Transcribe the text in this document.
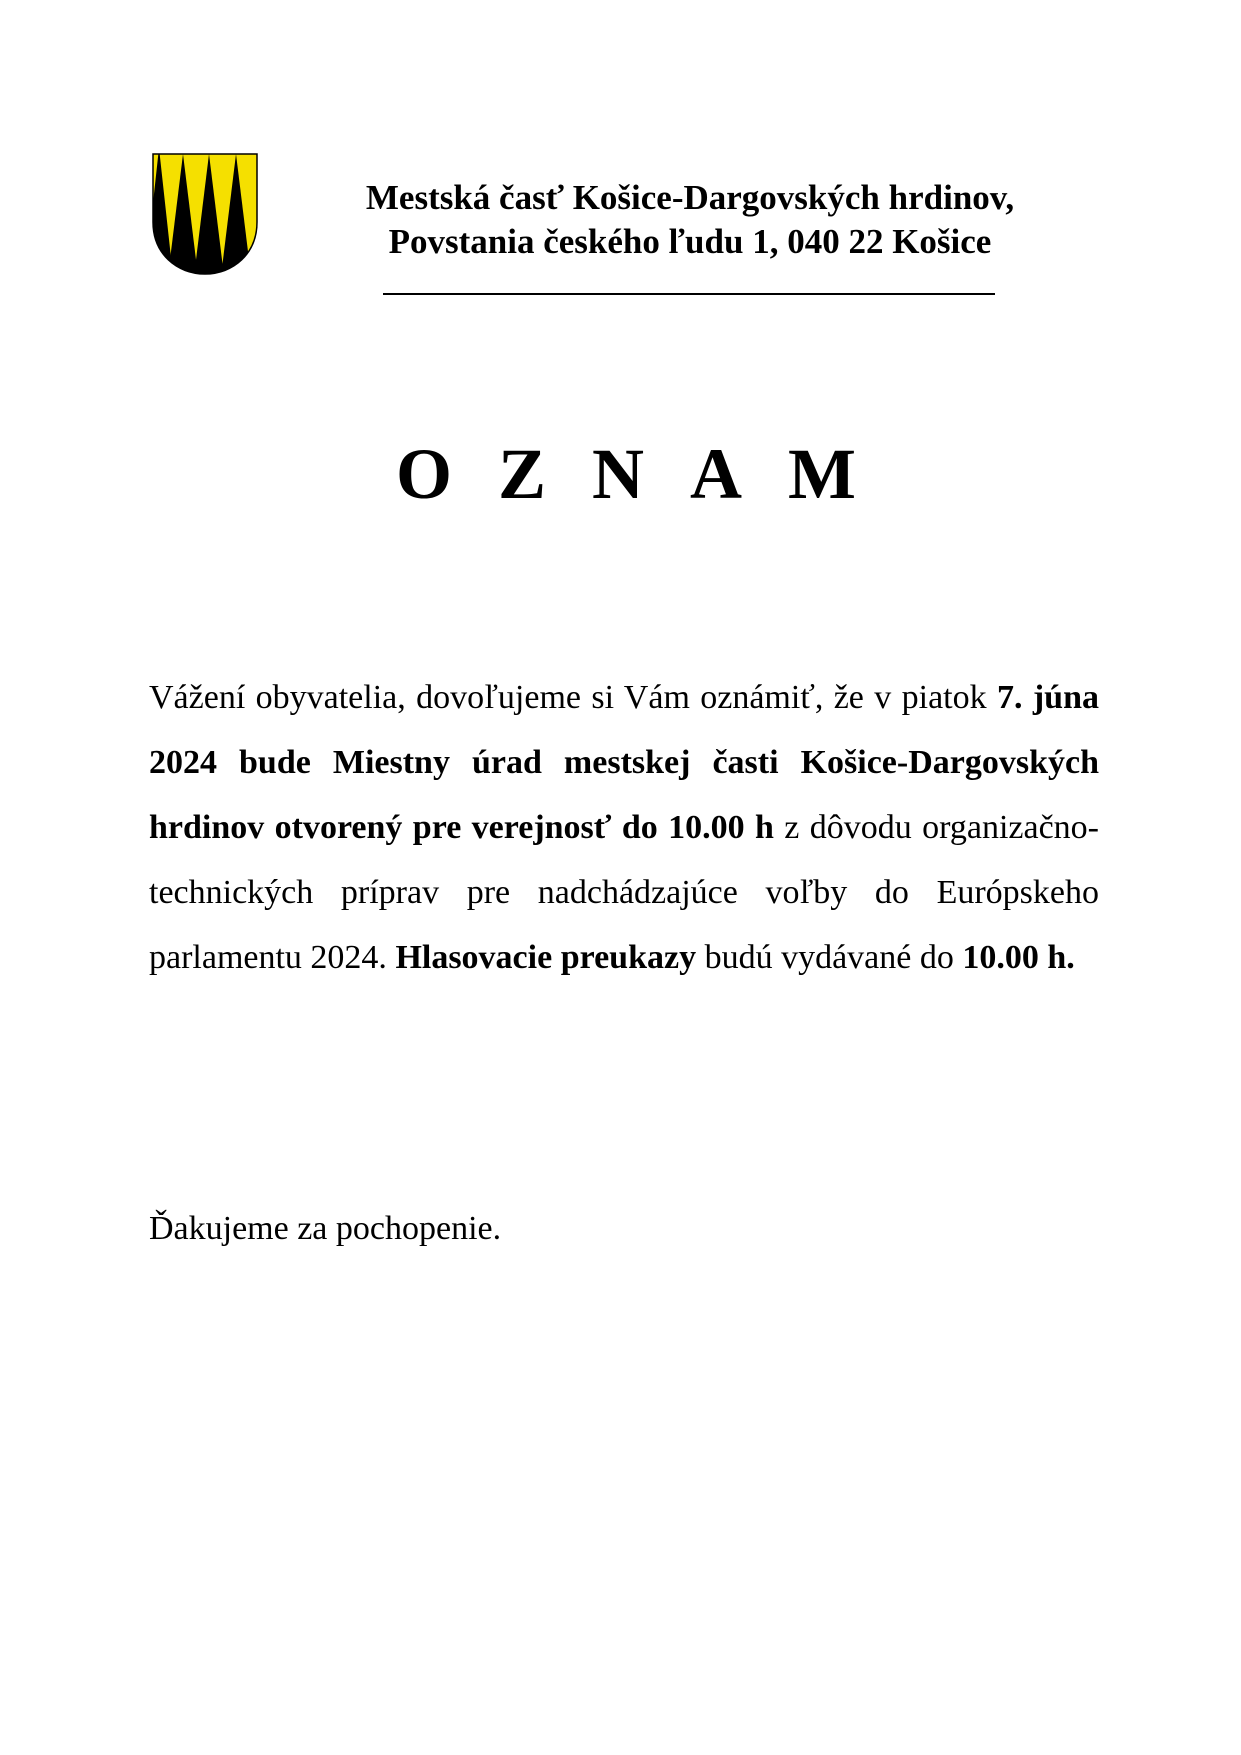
Mestská časť Košice-Dargovských hrdinov,
Povstania českého ľudu 1, 040 22 Košice
OZNAM
Vážení obyvatelia, dovoľujeme si Vám oznámiť, že v piatok 7. júna 2024 bude Miestny úrad mestskej časti Košice-Dargovských hrdinov otvorený pre verejnosť do 10.00 h z dôvodu organizačno-technických príprav pre nadchádzajúce voľby do Európskeho parlamentu 2024. Hlasovacie preukazy budú vydávané do 10.00 h.
Ďakujeme za pochopenie.
